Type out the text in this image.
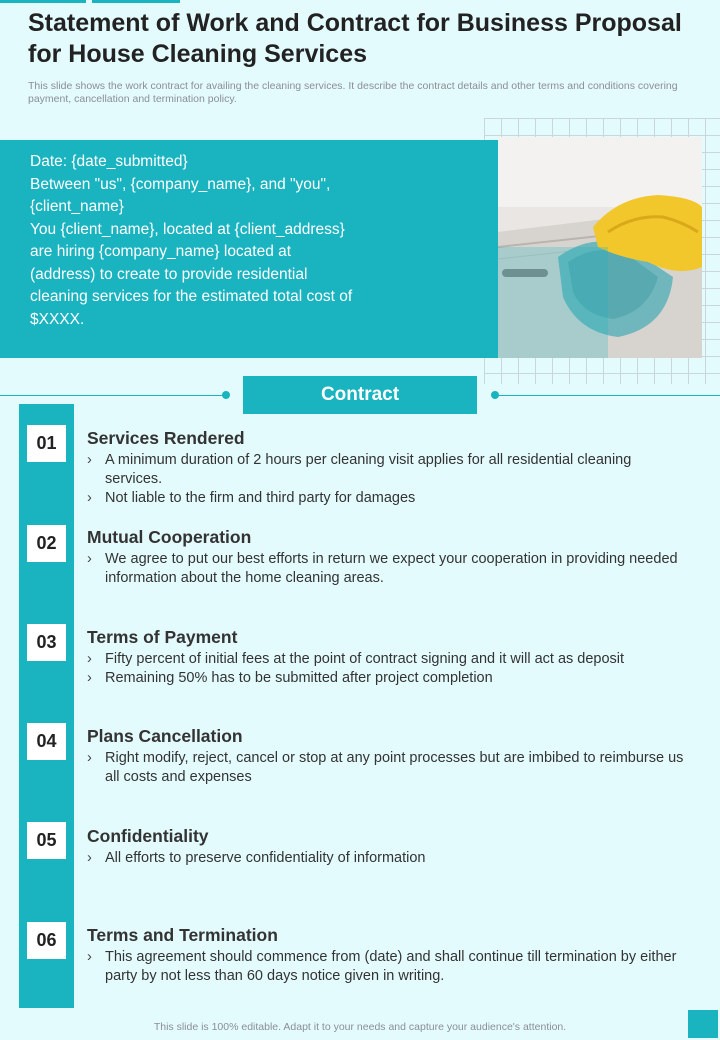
Statement of Work and Contract for Business Proposal for House Cleaning Services
This slide shows the work contract for availing the cleaning services. It describe the contract details and other terms and conditions covering payment, cancellation and termination policy.
Date: {date_submitted}
Between "us", {company_name}, and "you", {client_name}
You {client_name}, located at {client_address} are hiring {company_name} located at (address) to create to provide residential cleaning services for the estimated total cost of $XXXX.
Contract
01	Services Rendered
› A minimum duration of 2 hours per cleaning visit applies for all residential cleaning services.
› Not liable to the firm and third party for damages
02	Mutual Cooperation
› We agree to put our best efforts in return we expect your cooperation in providing needed information about the home cleaning areas.
03	Terms of Payment
› Fifty percent of initial fees at the point of contract signing and it will act as deposit
› Remaining 50% has to be submitted after project completion
04	Plans Cancellation
› Right modify, reject, cancel or stop at any point processes but are imbibed to reimburse us all costs and expenses
05	Confidentiality
› All efforts to preserve confidentiality of information
06	Terms and Termination
› This agreement should commence from (date) and shall continue till termination by either party by not less than 60 days notice given in writing.
This slide is 100% editable. Adapt it to your needs and capture your audience's attention.
